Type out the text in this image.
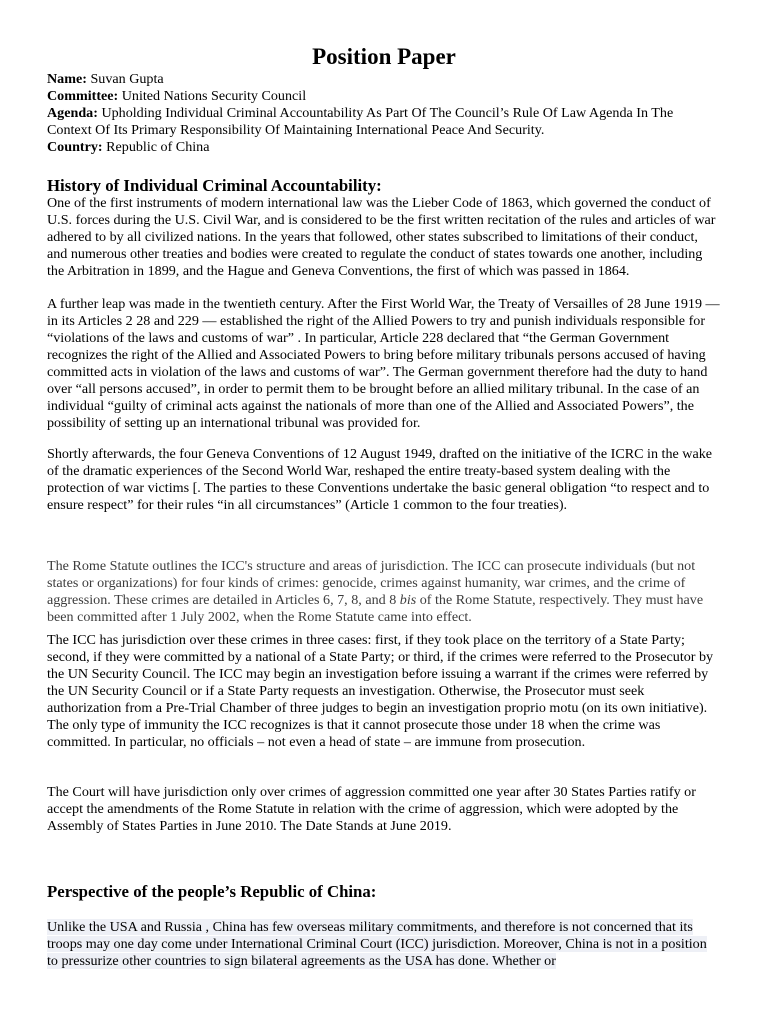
Position Paper
Name: Suvan Gupta
Committee: United Nations Security Council
Agenda: Upholding Individual Criminal Accountability As Part Of The Council’s Rule Of Law Agenda In The Context Of Its Primary Responsibility Of Maintaining International Peace And Security.
Country: Republic of China
History of Individual Criminal Accountability:

One of the first instruments of modern international law was the Lieber Code of 1863, which governed the conduct of U.S. forces during the U.S. Civil War, and is considered to be the first written recitation of the rules and articles of war adhered to by all civilized nations. In the years that followed, other states subscribed to limitations of their conduct, and numerous other treaties and bodies were created to regulate the conduct of states towards one another, including the Arbitration in 1899, and the Hague and Geneva Conventions, the first of which was passed in 1864.

A further leap was made in the twentieth century. After the First World War, the Treaty of Versailles of 28 June 1919 — in its Articles 2 28 and 229 — established the right of the Allied Powers to try and punish individuals responsible for “violations of the laws and customs of war” . In particular, Article 228 declared that “the German Government recognizes the right of the Allied and Associated Powers to bring before military tribunals persons accused of having committed acts in violation of the laws and customs of war”. The German government therefore had the duty to hand over “all persons accused”, in order to permit them to be brought before an allied military tribunal. In the case of an individual “guilty of criminal acts against the nationals of more than one of the Allied and Associated Powers”, the possibility of setting up an international tribunal was provided for.

Shortly afterwards, the four Geneva Conventions of 12 August 1949, drafted on the initiative of the ICRC in the wake of the dramatic experiences of the Second World War, reshaped the entire treaty-based system dealing with the protection of war victims [. The parties to these Conventions undertake the basic general obligation “to respect and to ensure respect” for their rules “in all circumstances” (Article 1 common to the four treaties).

The Rome Statute outlines the ICC's structure and areas of jurisdiction. The ICC can prosecute individuals (but not states or organizations) for four kinds of crimes: genocide, crimes against humanity, war crimes, and the crime of aggression. These crimes are detailed in Articles 6, 7, 8, and 8 bis of the Rome Statute, respectively. They must have been committed after 1 July 2002, when the Rome Statute came into effect.

The ICC has jurisdiction over these crimes in three cases: first, if they took place on the territory of a State Party; second, if they were committed by a national of a State Party; or third, if the crimes were referred to the Prosecutor by the UN Security Council. The ICC may begin an investigation before issuing a warrant if the crimes were referred by the UN Security Council or if a State Party requests an investigation. Otherwise, the Prosecutor must seek authorization from a Pre-Trial Chamber of three judges to begin an investigation proprio motu (on its own initiative). The only type of immunity the ICC recognizes is that it cannot prosecute those under 18 when the crime was committed. In particular, no officials – not even a head of state – are immune from prosecution.

The Court will have jurisdiction only over crimes of aggression committed one year after 30 States Parties ratify or accept the amendments of the Rome Statute in relation with the crime of aggression, which were adopted by the Assembly of States Parties in June 2010. The Date Stands at June 2019.

Perspective of the people’s Republic of China:

Unlike the USA and Russia , China has few overseas military commitments, and therefore is not concerned that its troops may one day come under International Criminal Court (ICC) jurisdiction. Moreover, China is not in a position to pressurize other countries to sign bilateral agreements as the USA has done. Whether or
